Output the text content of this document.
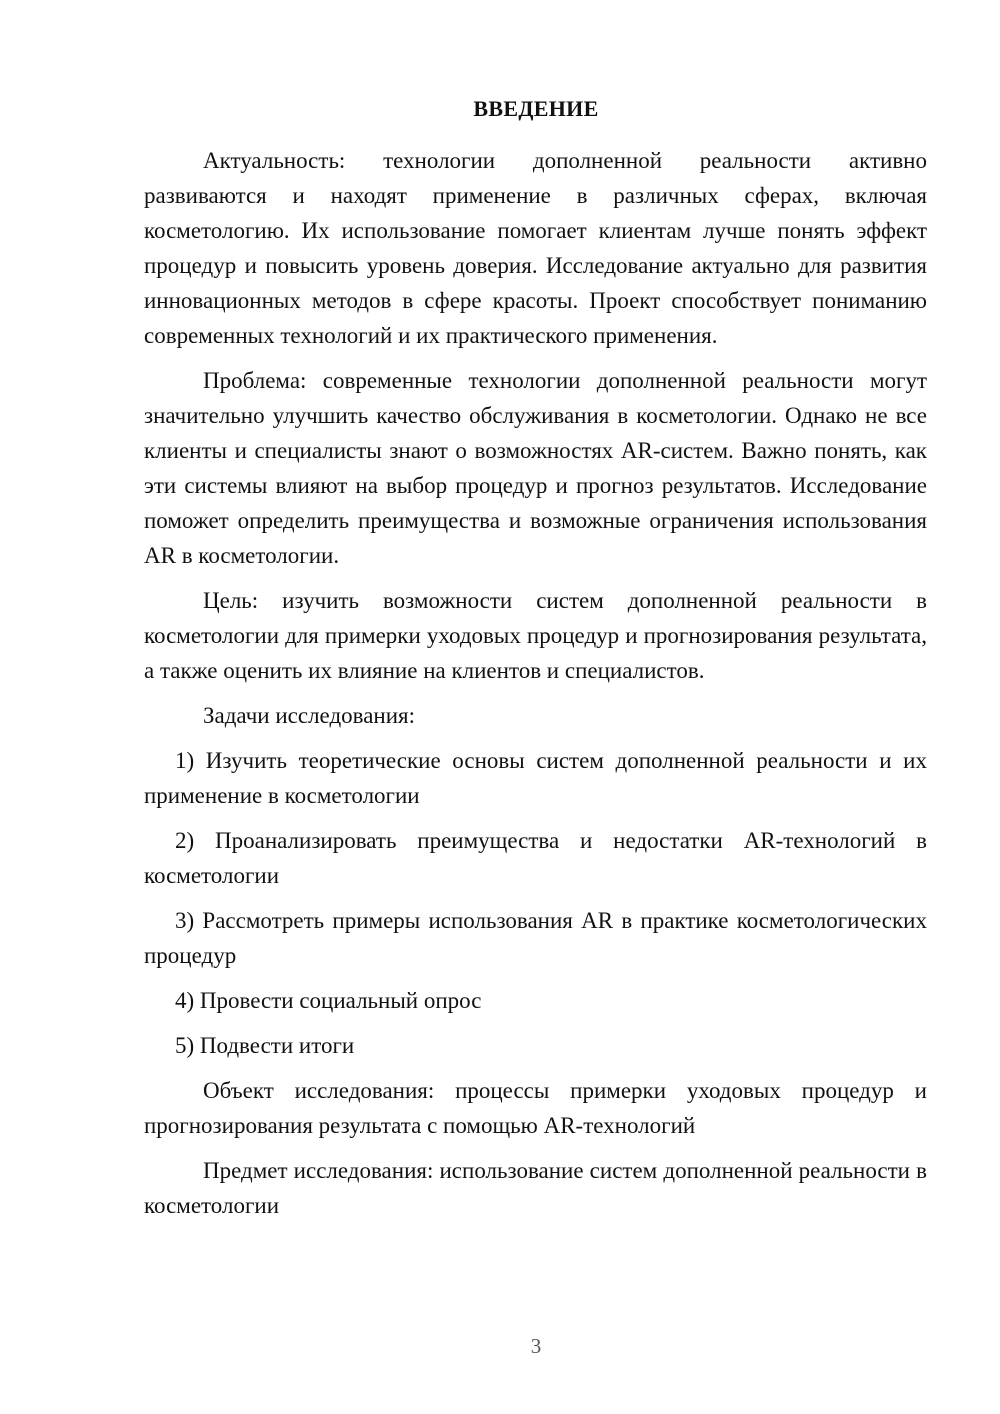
ВВЕДЕНИЕ

Актуальность: технологии дополненной реальности активно развиваются и находят применение в различных сферах, включая косметологию. Их использование помогает клиентам лучше понять эффект процедур и повысить уровень доверия. Исследование актуально для развития инновационных методов в сфере красоты. Проект способствует пониманию современных технологий и их практического применения.

Проблема: современные технологии дополненной реальности могут значительно улучшить качество обслуживания в косметологии. Однако не все клиенты и специалисты знают о возможностях AR-систем. Важно понять, как эти системы влияют на выбор процедур и прогноз результатов. Исследование поможет определить преимущества и возможные ограничения использования AR в косметологии.

Цель: изучить возможности систем дополненной реальности в косметологии для примерки уходовых процедур и прогнозирования результата, а также оценить их влияние на клиентов и специалистов.

Задачи исследования:

1) Изучить теоретические основы систем дополненной реальности и их применение в косметологии

2) Проанализировать преимущества и недостатки AR-технологий в косметологии

3) Рассмотреть примеры использования AR в практике косметологических процедур

4) Провести социальный опрос

5) Подвести итоги

Объект исследования: процессы примерки уходовых процедур и прогнозирования результата с помощью AR-технологий

Предмет исследования: использование систем дополненной реальности в косметологии

3
